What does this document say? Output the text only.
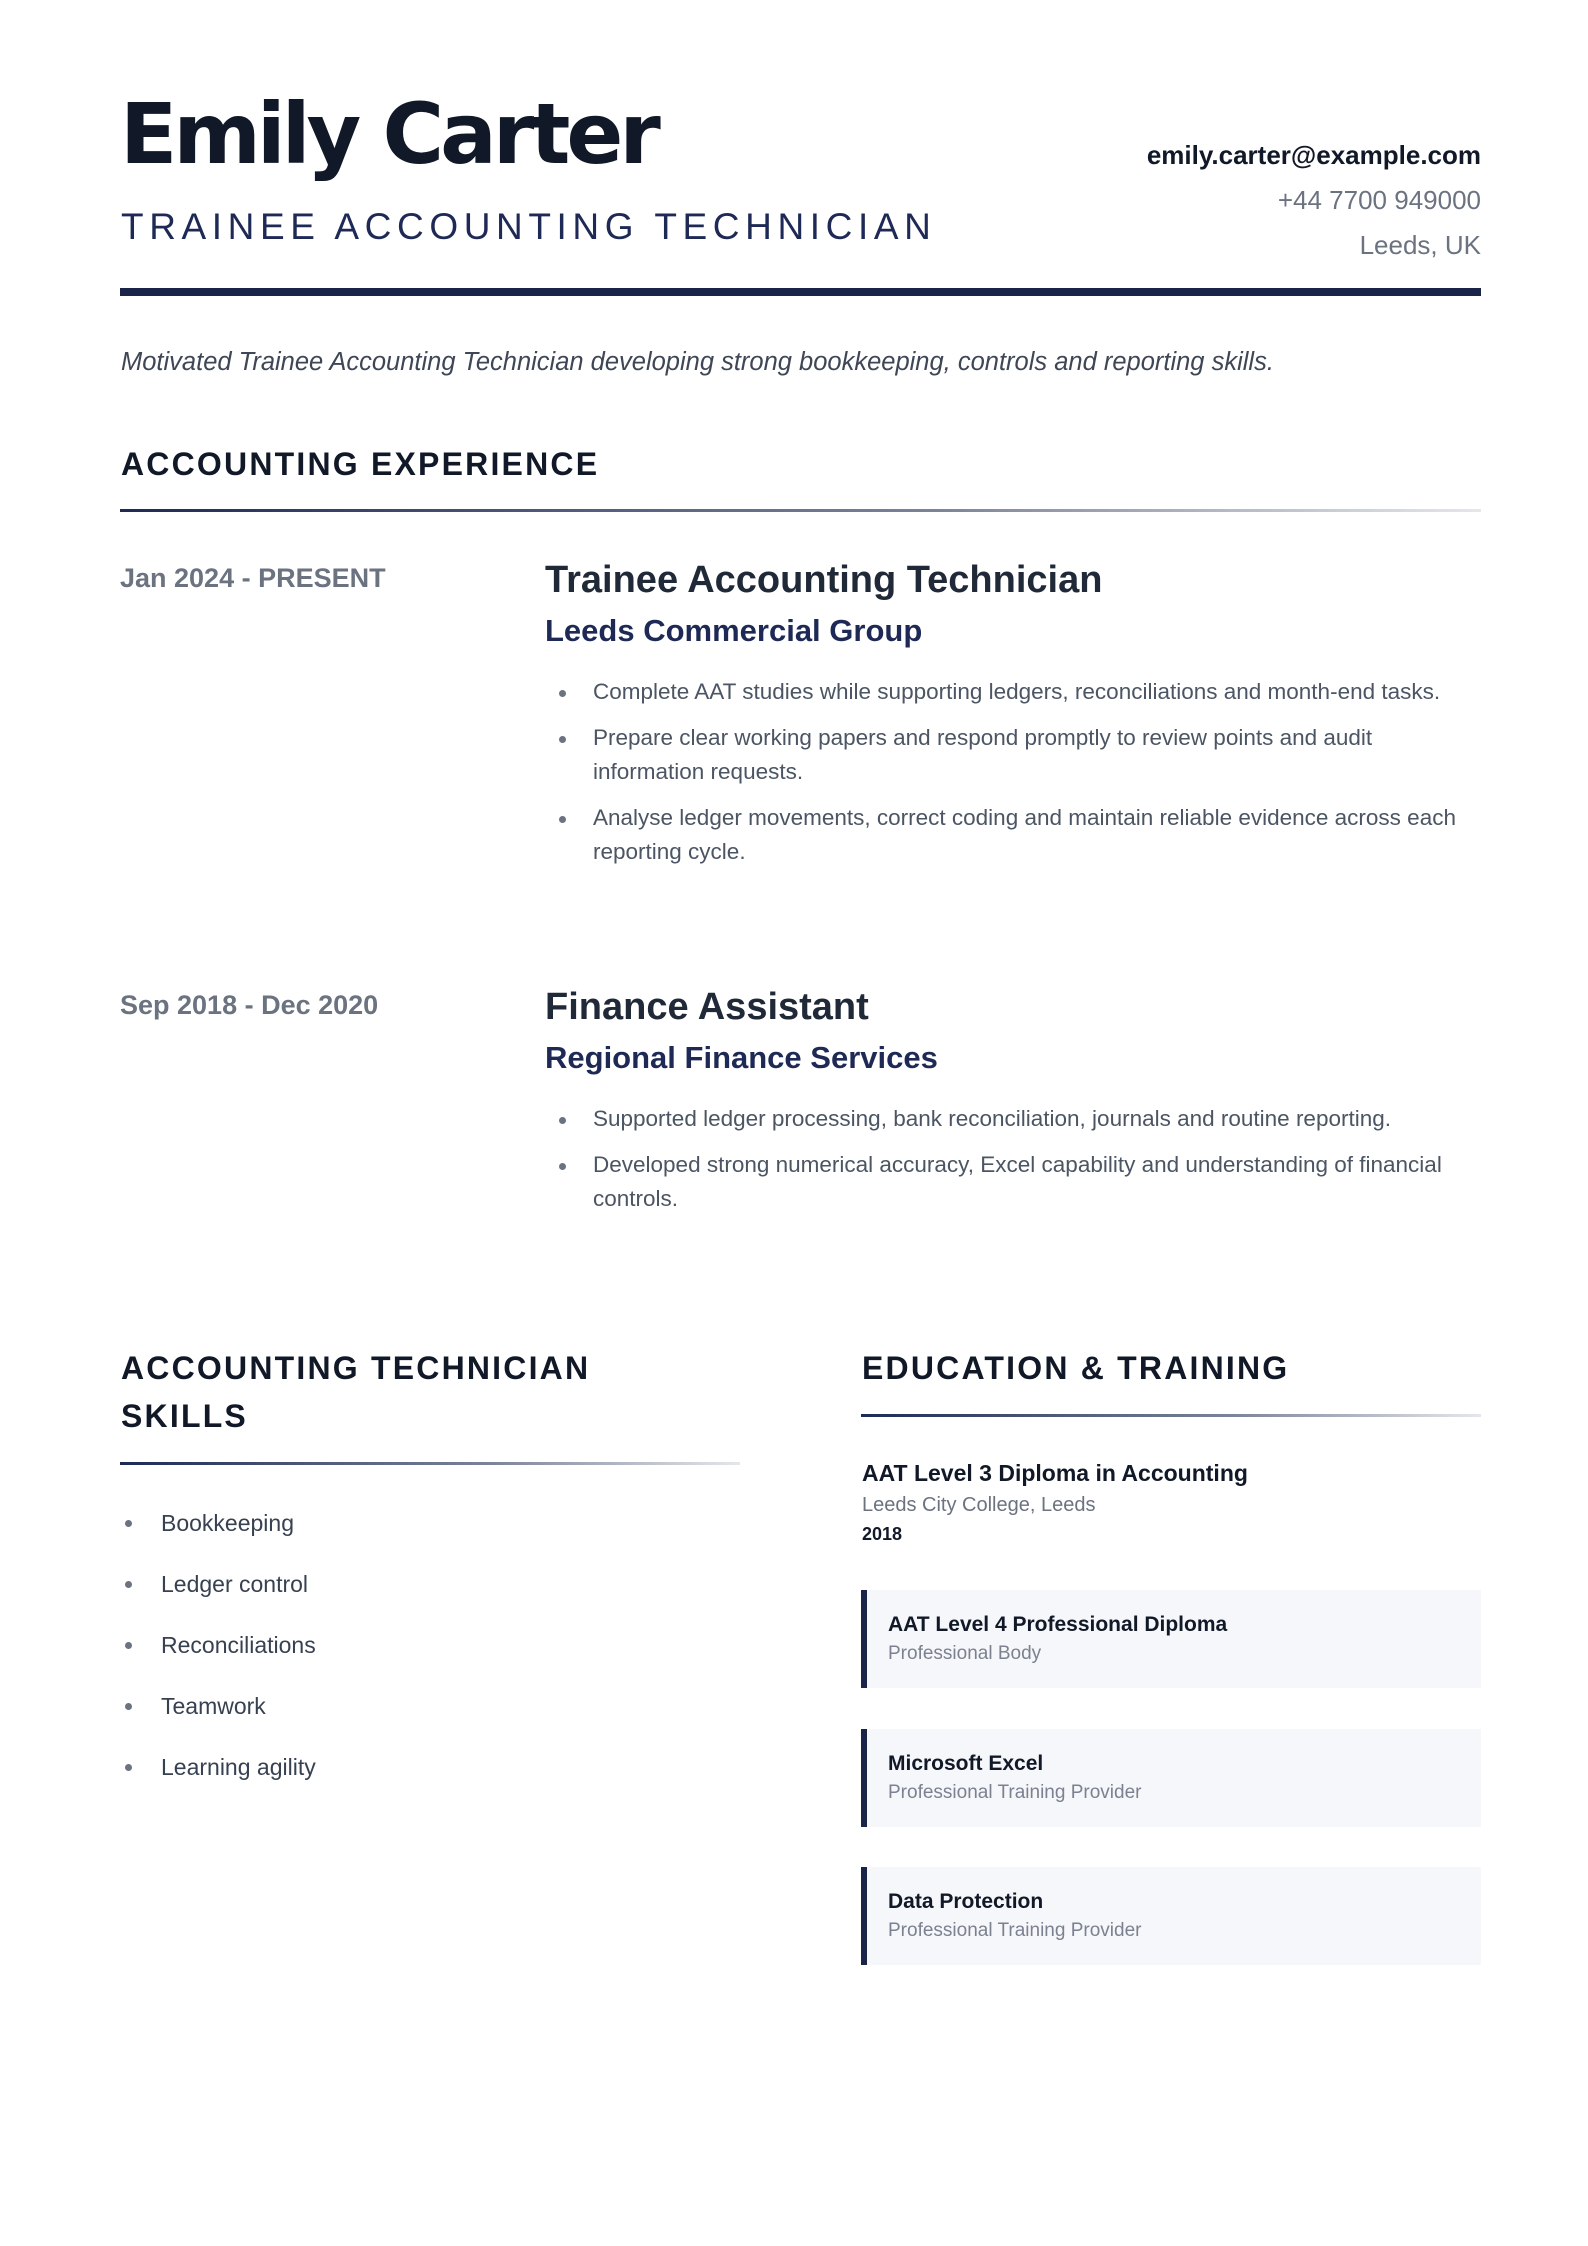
Emily Carter
TRAINEE ACCOUNTING TECHNICIAN
emily.carter@example.com
+44 7700 949000
Leeds, UK

Motivated Trainee Accounting Technician developing strong bookkeeping, controls and reporting skills.

ACCOUNTING EXPERIENCE

Jan 2024 - PRESENT	Trainee Accounting Technician

Leeds Commercial Group

Complete AAT studies while supporting ledgers, reconciliations and month-end tasks.
Prepare clear working papers and respond promptly to review points and audit information requests.
Analyse ledger movements, correct coding and maintain reliable evidence across each reporting cycle.

Sep 2018 - Dec 2020	Finance Assistant

Regional Finance Services

Supported ledger processing, bank reconciliation, journals and routine reporting.
Developed strong numerical accuracy, Excel capability and understanding of financial controls.
ACCOUNTING TECHNICIAN
SKILLS
Bookkeeping
Ledger control
Reconciliations
Teamwork
Learning agility
EDUCATION & TRAINING

AAT Level 3 Diploma in Accounting

Leeds City College, Leeds

2018

AAT Level 4 Professional Diploma

Professional Body

Microsoft Excel

Professional Training Provider

Data Protection

Professional Training Provider
